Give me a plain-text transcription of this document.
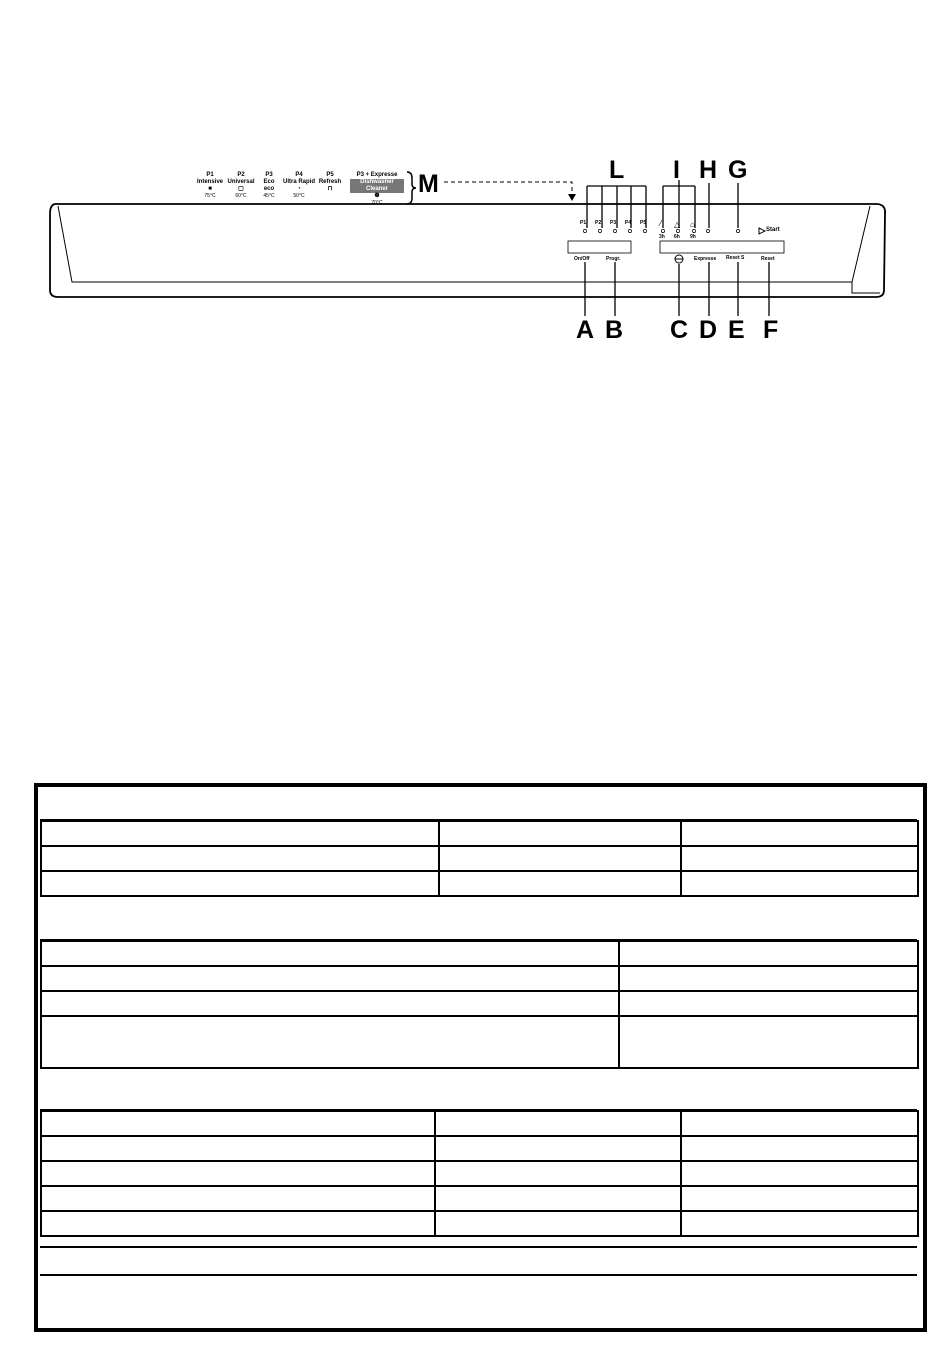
P1
Intensive
■
75°C
P2
Universal
▢
60°C
P3
Eco
eco
45°C
P4
Ultra Rapid
◔
50°C
P5
Refresh
⊓
P3 + Expressе
Dishwasher Cleaner
❁
70°C
⁄ △ ⌂
P1 P2 P3 P4 P5
3h 6h 9h
Start
On/Off	Progr.	Expresse Reset S	Reset
M	L I H G
A B C D E F
